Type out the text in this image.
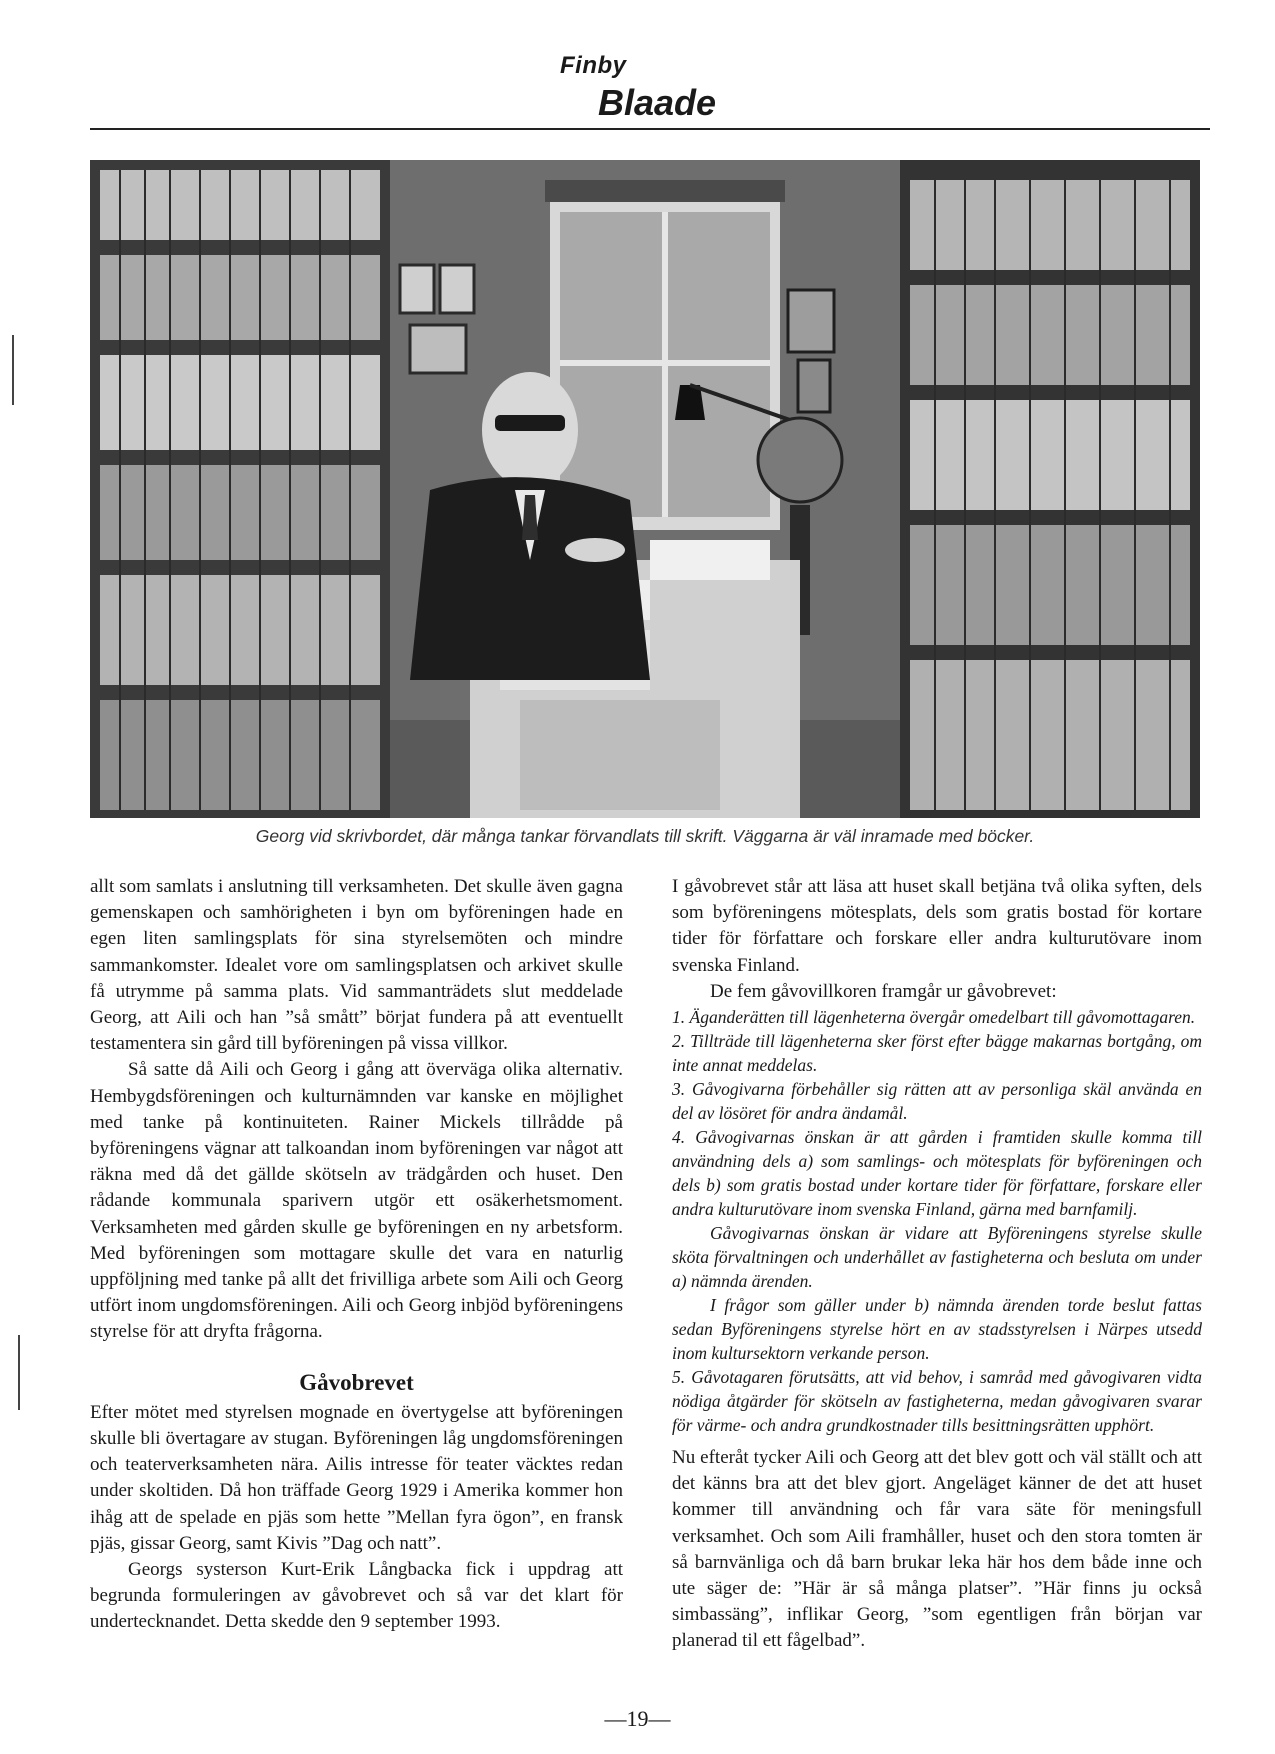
Finby
Blaade
Georg vid skrivbordet, där många tankar förvandlats till skrift. Väggarna är väl inramade med böcker.

allt som samlats i anslutning till verksamheten. Det skulle även gagna gemenskapen och samhörigheten i byn om byföreningen hade en egen liten samlingsplats för sina styrelsemöten och mindre sammankomster. Idealet vore om samlingsplatsen och arkivet skulle få utrymme på samma plats. Vid sammanträdets slut meddelade Georg, att Aili och han ”så smått” börjat fundera på att eventuellt testamentera sin gård till byföreningen på vissa villkor.

Så satte då Aili och Georg i gång att överväga olika alternativ. Hembygdsföreningen och kulturnämnden var kanske en möjlighet med tanke på kontinuiteten. Rainer Mickels tillrådde på byföreningens vägnar att talkoandan inom byföreningen var något att räkna med då det gällde skötseln av trädgården och huset. Den rådande kommunala sparivern utgör ett osäkerhetsmoment. Verksamheten med gården skulle ge byföreningen en ny arbetsform. Med byföreningen som mottagare skulle det vara en naturlig uppföljning med tanke på allt det frivilliga arbete som Aili och Georg utfört inom ungdomsföreningen. Aili och Georg inbjöd byföreningens styrelse för att dryfta frågorna.

Gåvobrevet

Efter mötet med styrelsen mognade en övertygelse att byföreningen skulle bli övertagare av stugan. Byföreningen låg ungdomsföreningen och teaterverksamheten nära. Ailis intresse för teater väcktes redan under skoltiden. Då hon träffade Georg 1929 i Amerika kommer hon ihåg att de spelade en pjäs som hette ”Mellan fyra ögon”, en fransk pjäs, gissar Georg, samt Kivis ”Dag och natt”.

Georgs systerson Kurt-Erik Långbacka fick i uppdrag att begrunda formuleringen av gåvobrevet och så var det klart för undertecknandet. Detta skedde den 9 september 1993.

I gåvobrevet står att läsa att huset skall betjäna två olika syften, dels som byföreningens mötesplats, dels som gratis bostad för kortare tider för författare och forskare eller andra kulturutövare inom svenska Finland.

De fem gåvovillkoren framgår ur gåvobrevet:

1. Äganderätten till lägenheterna övergår omedelbart till gåvomottagaren.

2. Tillträde till lägenheterna sker först efter bägge makarnas bortgång, om inte annat meddelas.

3. Gåvogivarna förbehåller sig rätten att av personliga skäl använda en del av lösöret för andra ändamål.

4. Gåvogivarnas önskan är att gården i framtiden skulle komma till användning dels a) som samlings- och mötesplats för byföreningen och dels b) som gratis bostad under kortare tider för författare, forskare eller andra kulturutövare inom svenska Finland, gärna med barnfamilj.

Gåvogivarnas önskan är vidare att Byföreningens styrelse skulle sköta förvaltningen och underhållet av fastigheterna och besluta om under a) nämnda ärenden.

I frågor som gäller under b) nämnda ärenden torde beslut fattas sedan Byföreningens styrelse hört en av stadsstyrelsen i Närpes utsedd inom kultursektorn verkande person.

5. Gåvotagaren förutsätts, att vid behov, i samråd med gåvogivaren vidta nödiga åtgärder för skötseln av fastigheterna, medan gåvogivaren svarar för värme- och andra grundkostnader tills besittningsrätten upphört.

Nu efteråt tycker Aili och Georg att det blev gott och väl ställt och att det känns bra att det blev gjort. Angeläget känner de det att huset kommer till användning och får vara säte för meningsfull verksamhet. Och som Aili framhåller, huset och den stora tomten är så barnvänliga och då barn brukar leka här hos dem både inne och ute säger de: ”Här är så många platser”. ”Här finns ju också simbassäng”, inflikar Georg, ”som egentligen från början var planerad til ett fågelbad”.

—19—
